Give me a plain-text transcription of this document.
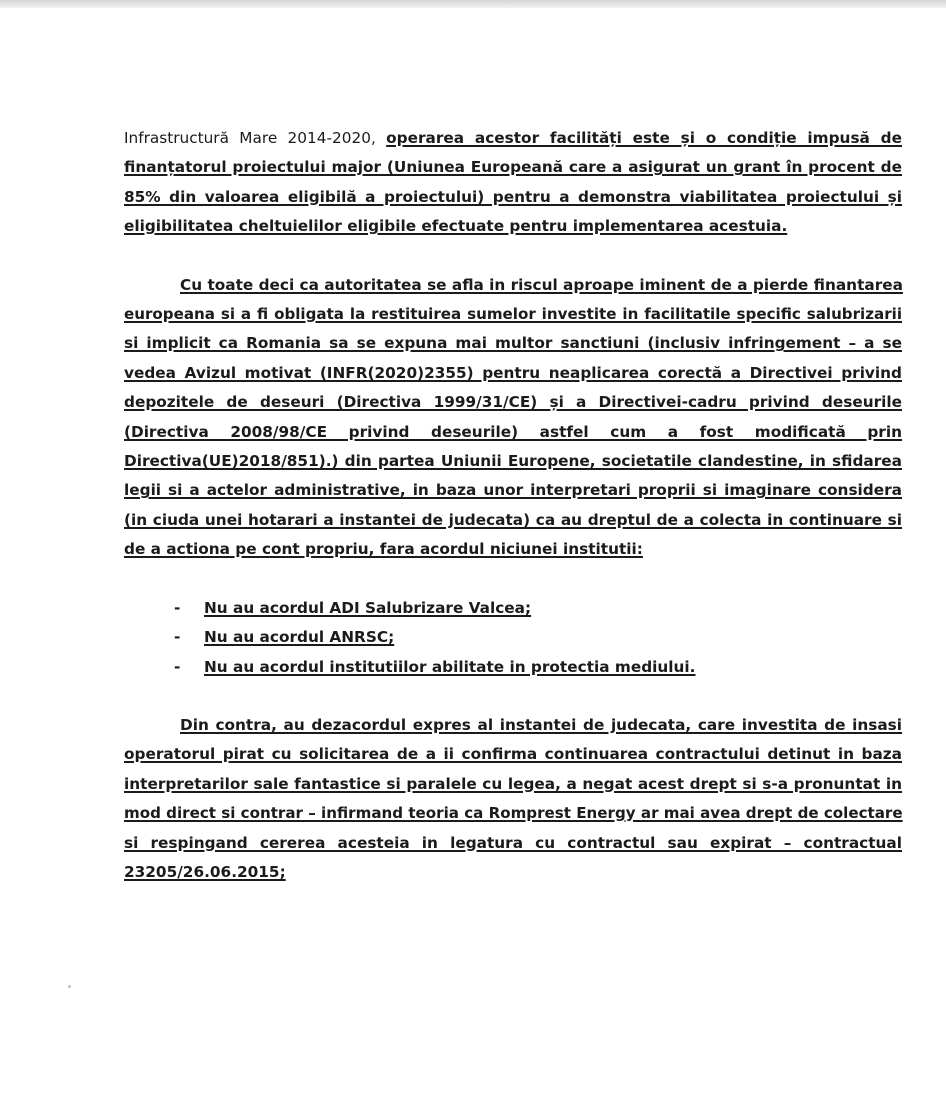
Infrastructură Mare 2014-2020, operarea acestor facilități este și o condiție impusă de
finanțatorul proiectului major (Uniunea Europeană care a asigurat un grant în procent de
85% din valoarea eligibilă a proiectului) pentru a demonstra viabilitatea proiectului și
eligibilitatea cheltuielilor eligibile efectuate pentru implementarea acestuia.
Cu toate deci ca autoritatea se afla in riscul aproape iminent de a pierde finantarea
europeana si a fi obligata la restituirea sumelor investite in facilitatile specific salubrizarii
si implicit ca Romania sa se expuna mai multor sanctiuni (inclusiv infringement – a se
vedea Avizul motivat (INFR(2020)2355) pentru neaplicarea corectă a Directivei privind
depozitele de deseuri (Directiva 1999/31/CE) și a Directivei-cadru privind deseurile
(Directiva 2008/98/CE privind deseurile) astfel cum a fost modificată prin
Directiva(UE)2018/851).) din partea Uniunii Europene, societatile clandestine, in sfidarea
legii si a actelor administrative, in baza unor interpretari proprii si imaginare considera
(in ciuda unei hotarari a instantei de judecata) ca au dreptul de a colecta in continuare si
de a actiona pe cont propriu, fara acordul niciunei institutii:
- Nu au acordul ADI Salubrizare Valcea;
- Nu au acordul ANRSC;
- Nu au acordul institutiilor abilitate in protectia mediului.
Din contra, au dezacordul expres al instantei de judecata, care investita de insasi
operatorul pirat cu solicitarea de a ii confirma continuarea contractului detinut in baza
interpretarilor sale fantastice si paralele cu legea, a negat acest drept si s-a pronuntat in
mod direct si contrar – infirmand teoria ca Romprest Energy ar mai avea drept de colectare
si respingand cererea acesteia in legatura cu contractul sau expirat – contractual
23205/26.06.2015;
